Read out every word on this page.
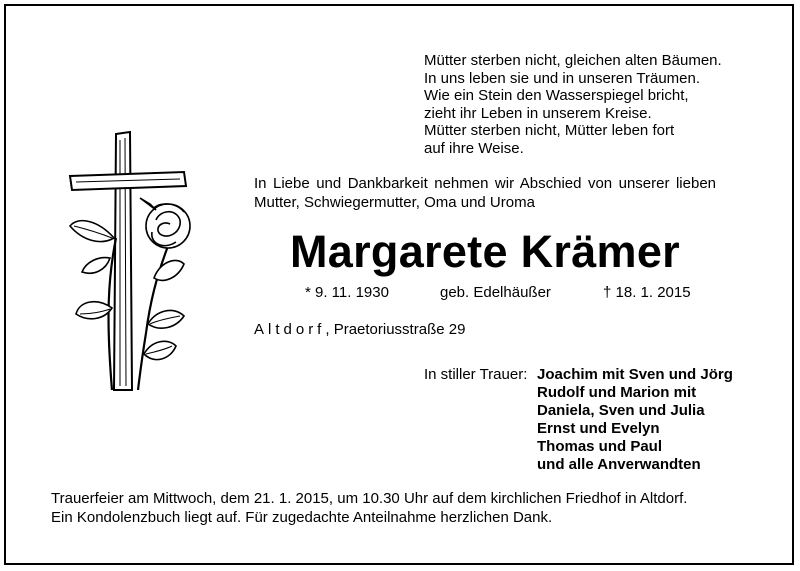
Mütter sterben nicht, gleichen alten Bäumen.
In uns leben sie und in unseren Träumen.
Wie ein Stein den Wasserspiegel bricht,
zieht ihr Leben in unserem Kreise.
Mütter sterben nicht, Mütter leben fort
auf ihre Weise.
In Liebe und Dankbarkeit nehmen wir Abschied von unserer lieben Mutter, Schwiegermutter, Oma und Uroma
Margarete Krämer
* 9. 11. 1930	geb. Edelhäußer	† 18. 1. 2015
Altdorf, Praetoriusstraße 29
In stiller Trauer: Joachim mit Sven und Jörg
Rudolf und Marion mit
Daniela, Sven und Julia
Ernst und Evelyn
Thomas und Paul
und alle Anverwandten
Trauerfeier am Mittwoch, dem 21. 1. 2015, um 10.30 Uhr auf dem kirchlichen Friedhof in Altdorf.
Ein Kondolenzbuch liegt auf. Für zugedachte Anteilnahme herzlichen Dank.
